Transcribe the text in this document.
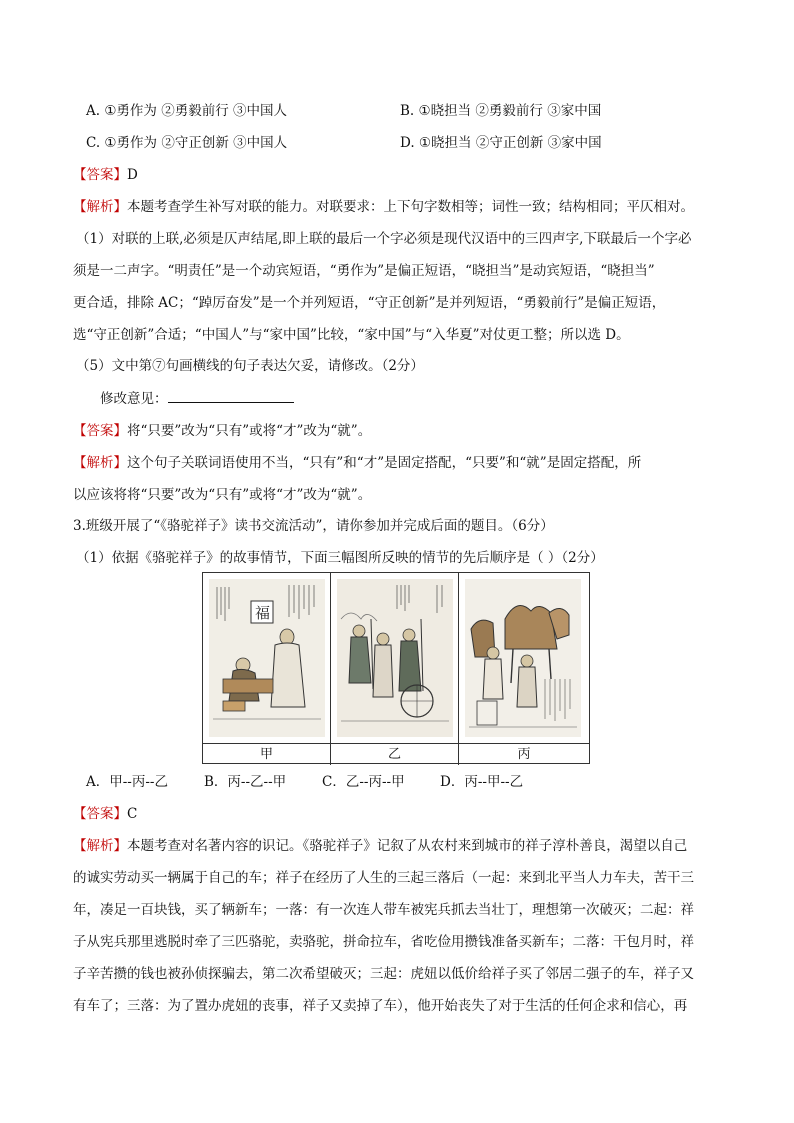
A. ①勇作为 ②勇毅前行 ③中国人	B. ①晓担当 ②勇毅前行 ③家中国
C. ①勇作为 ②守正创新 ③中国人	D. ①晓担当 ②守正创新 ③家中国
【答案】D
【解析】本题考查学生补写对联的能力。对联要求：上下句字数相等；词性一致；结构相同；平仄相对。
（1）对联的上联,必须是仄声结尾,即上联的最后一个字必须是现代汉语中的三四声字,下联最后一个字必
须是一二声字。“明责任”是一个动宾短语，“勇作为”是偏正短语，“晓担当”是动宾短语，“晓担当”
更合适，排除 AC；“踔厉奋发”是一个并列短语，“守正创新”是并列短语，“勇毅前行”是偏正短语，
选“守正创新”合适；“中国人”与“家中国”比较，“家中国”与“入华夏”对仗更工整；所以选 D。
（5）文中第⑦句画横线的句子表达欠妥，请修改。（2分）
修改意见：
【答案】将“只要”改为“只有”或将“才”改为“就”。
【解析】这个句子关联词语使用不当，“只有”和“才”是固定搭配，“只要”和“就”是固定搭配，所
以应该将将“只要”改为“只有”或将“才”改为“就”。
3.班级开展了“《骆驼祥子》读书交流活动”，请你参加并完成后面的题目。（6分）
（1）依据《骆驼祥子》的故事情节，下面三幅图所反映的情节的先后顺序是（ ）（2分）
福
甲	乙	丙
A．甲--丙--乙	B．丙--乙--甲	C．乙--丙--甲	D．丙--甲--乙
【答案】C
【解析】本题考查对名著内容的识记。《骆驼祥子》记叙了从农村来到城市的祥子淳朴善良，渴望以自己
的诚实劳动买一辆属于自己的车；祥子在经历了人生的三起三落后（一起：来到北平当人力车夫，苦干三
年，凑足一百块钱，买了辆新车；一落：有一次连人带车被宪兵抓去当壮丁，理想第一次破灭；二起：祥
子从宪兵那里逃脱时牵了三匹骆驼，卖骆驼，拼命拉车，省吃俭用攒钱准备买新车；二落：干包月时，祥
子辛苦攒的钱也被孙侦探骗去，第二次希望破灭；三起：虎妞以低价给祥子买了邻居二强子的车，祥子又
有车了；三落：为了置办虎妞的丧事，祥子又卖掉了车），他开始丧失了对于生活的任何企求和信心，再
